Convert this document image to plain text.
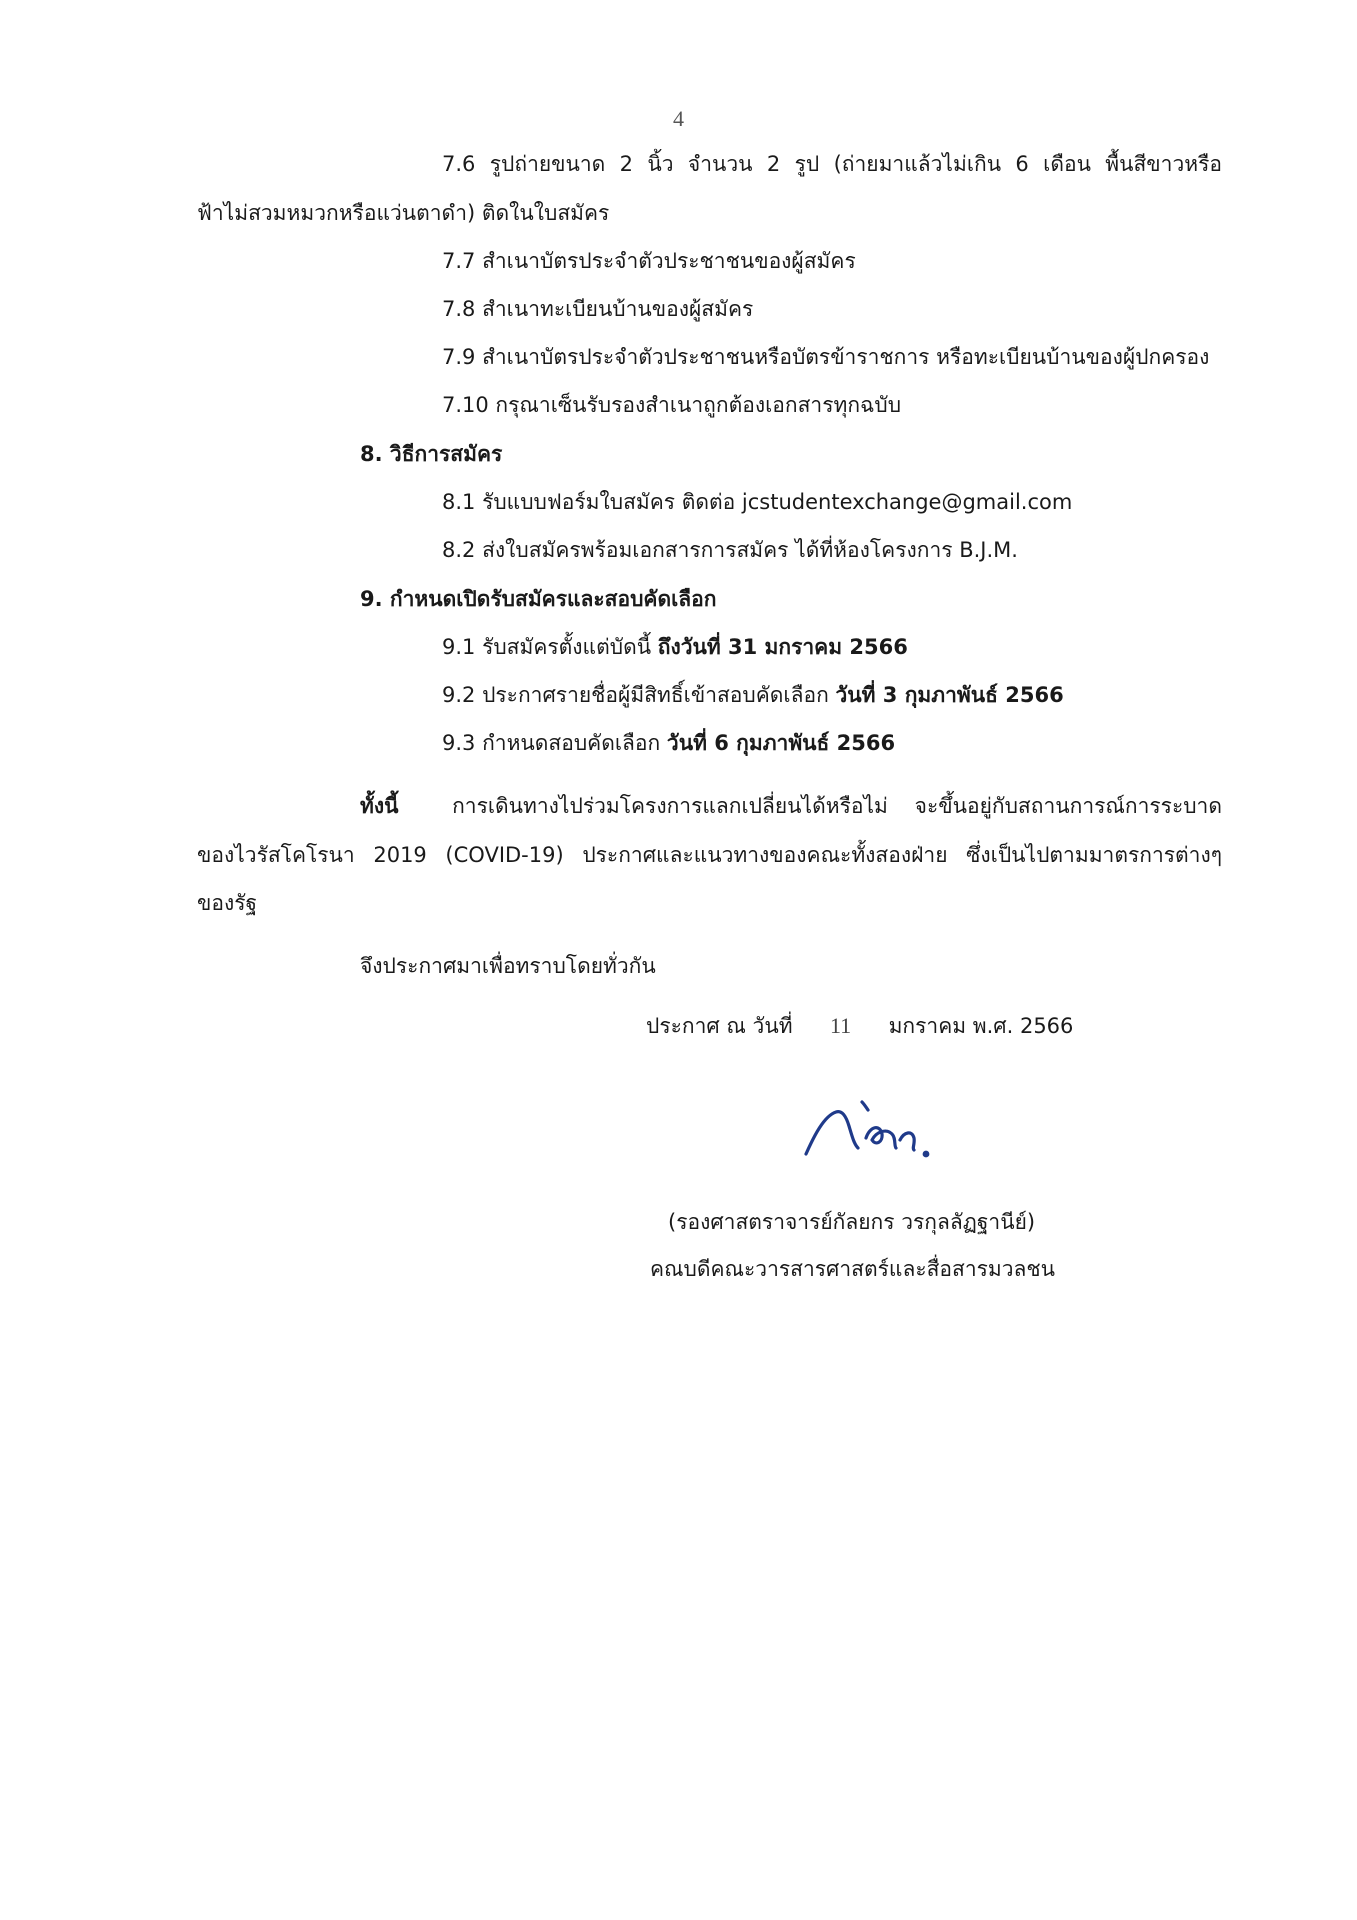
4
7.6 รูปถ่ายขนาด 2 นิ้ว จำนวน 2 รูป (ถ่ายมาแล้วไม่เกิน 6 เดือน พื้นสีขาวหรือ
ฟ้าไม่สวมหมวกหรือแว่นตาดำ) ติดในใบสมัคร
7.7 สำเนาบัตรประจำตัวประชาชนของผู้สมัคร
7.8 สำเนาทะเบียนบ้านของผู้สมัคร
7.9 สำเนาบัตรประจำตัวประชาชนหรือบัตรข้าราชการ หรือทะเบียนบ้านของผู้ปกครอง
7.10 กรุณาเซ็นรับรองสำเนาถูกต้องเอกสารทุกฉบับ
8. วิธีการสมัคร
8.1 รับแบบฟอร์มใบสมัคร ติดต่อ jcstudentexchange@gmail.com
8.2 ส่งใบสมัครพร้อมเอกสารการสมัคร ได้ที่ห้องโครงการ B.J.M.
9. กำหนดเปิดรับสมัครและสอบคัดเลือก
9.1 รับสมัครตั้งแต่บัดนี้ ถึงวันที่ 31 มกราคม 2566
9.2 ประกาศรายชื่อผู้มีสิทธิ์เข้าสอบคัดเลือก วันที่ 3 กุมภาพันธ์ 2566
9.3 กำหนดสอบคัดเลือก วันที่ 6 กุมภาพันธ์ 2566
ทั้งนี้	การเดินทางไปร่วมโครงการแลกเปลี่ยนได้หรือไม่ จะขึ้นอยู่กับสถานการณ์การระบาด
ของไวรัสโคโรนา 2019 (COVID-19) ประกาศและแนวทางของคณะทั้งสองฝ่าย ซึ่งเป็นไปตามมาตรการต่างๆ
ของรัฐ
จึงประกาศมาเพื่อทราบโดยทั่วกัน
ประกาศ ณ วันที่ 11 มกราคม พ.ศ. 2566
(รองศาสตราจารย์กัลยกร วรกุลลัฏฐานีย์)
คณบดีคณะวารสารศาสตร์และสื่อสารมวลชน
